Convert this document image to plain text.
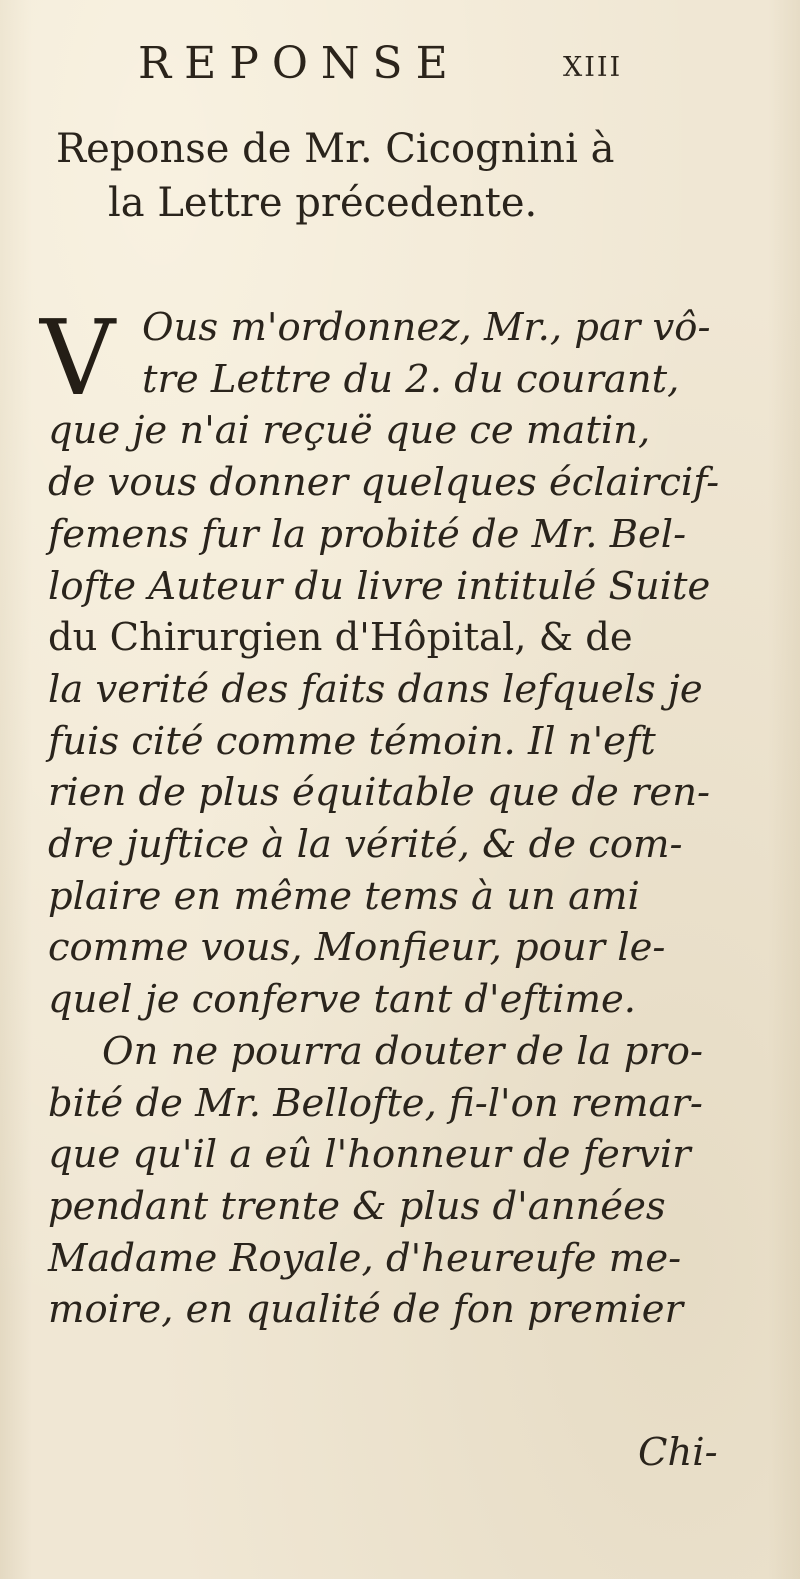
REPONSE	XIII
Reponse de Mr. Cicognini à
la Lettre précedente.
V Ous m'ordonnez, Mr., par vô-
tre Lettre du 2. du courant,
que je n'ai reçuë que ce matin,
de vous donner quelques éclaircif-
femens fur la probité de Mr. Bel-
lofte Auteur du livre intitulé Suite
du Chirurgien d'Hôpital, & de
la verité des faits dans lefquels je
fuis cité comme témoin. Il n'eft
rien de plus équitable que de ren-
dre juftice à la vérité, & de com-
plaire en même tems à un ami
comme vous, Monfieur, pour le-
quel je conferve tant d'eftime.
On ne pourra douter de la pro-
bité de Mr. Bellofte, fi-l'on remar-
que qu'il a eû l'honneur de fervir
pendant trente & plus d'années
Madame Royale, d'heureufe me-
moire, en qualité de fon premier
Chi-
